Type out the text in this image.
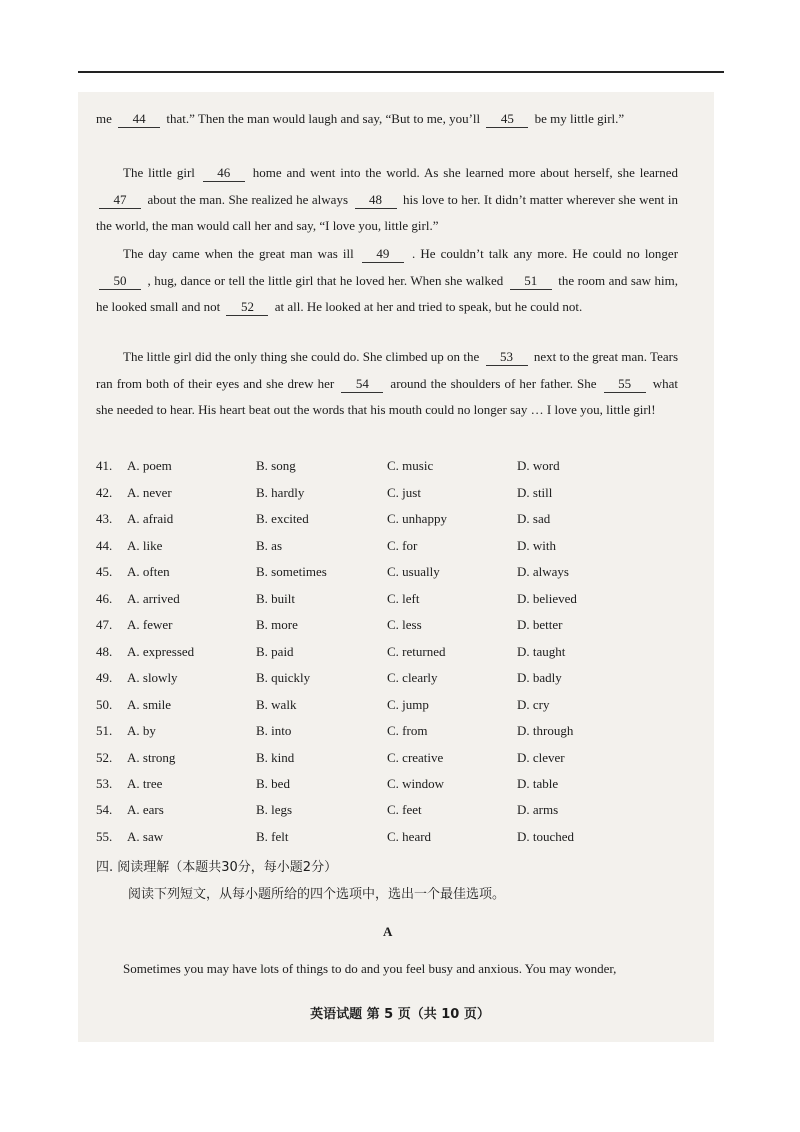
me 44 that.” Then the man would laugh and say, “But to me, you’ll 45 be my little girl.”
The little girl 46 home and went into the world. As she learned more about herself, she learned 47 about the man. She realized he always 48 his love to her. It didn’t matter wherever she went in the world, the man would call her and say, “I love you, little girl.”
The day came when the great man was ill 49 . He couldn’t talk any more. He could no longer 50 , hug, dance or tell the little girl that he loved her. When she walked 51 the room and saw him, he looked small and not 52 at all. He looked at her and tried to speak, but he could not.
The little girl did the only thing she could do. She climbed up on the 53 next to the great man. Tears ran from both of their eyes and she drew her 54 around the shoulders of her father. She 55 what she needed to hear. His heart beat out the words that his mouth could no longer say … I love you, little girl!
41. A. poem	B. song	C. music	D. word
42. A. never	B. hardly	C. just	D. still
43. A. afraid	B. excited	C. unhappy	D. sad
44. A. like	B. as	C. for	D. with
45. A. often	B. sometimes	C. usually	D. always
46. A. arrived	B. built	C. left	D. believed
47. A. fewer	B. more	C. less	D. better
48. A. expressed	B. paid	C. returned	D. taught
49. A. slowly	B. quickly	C. clearly	D. badly
50. A. smile	B. walk	C. jump	D. cry
51. A. by	B. into	C. from	D. through
52. A. strong	B. kind	C. creative	D. clever
53. A. tree	B. bed	C. window	D. table
54. A. ears	B. legs	C. feet	D. arms
55. A. saw	B. felt	C. heard	D. touched
四. 阅读理解（本题共30分，每小题2分）
阅读下列短文，从每小题所给的四个选项中，选出一个最佳选项。
A
Sometimes you may have lots of things to do and you feel busy and anxious. You may wonder,
英语试题 第 5 页（共 10 页）
